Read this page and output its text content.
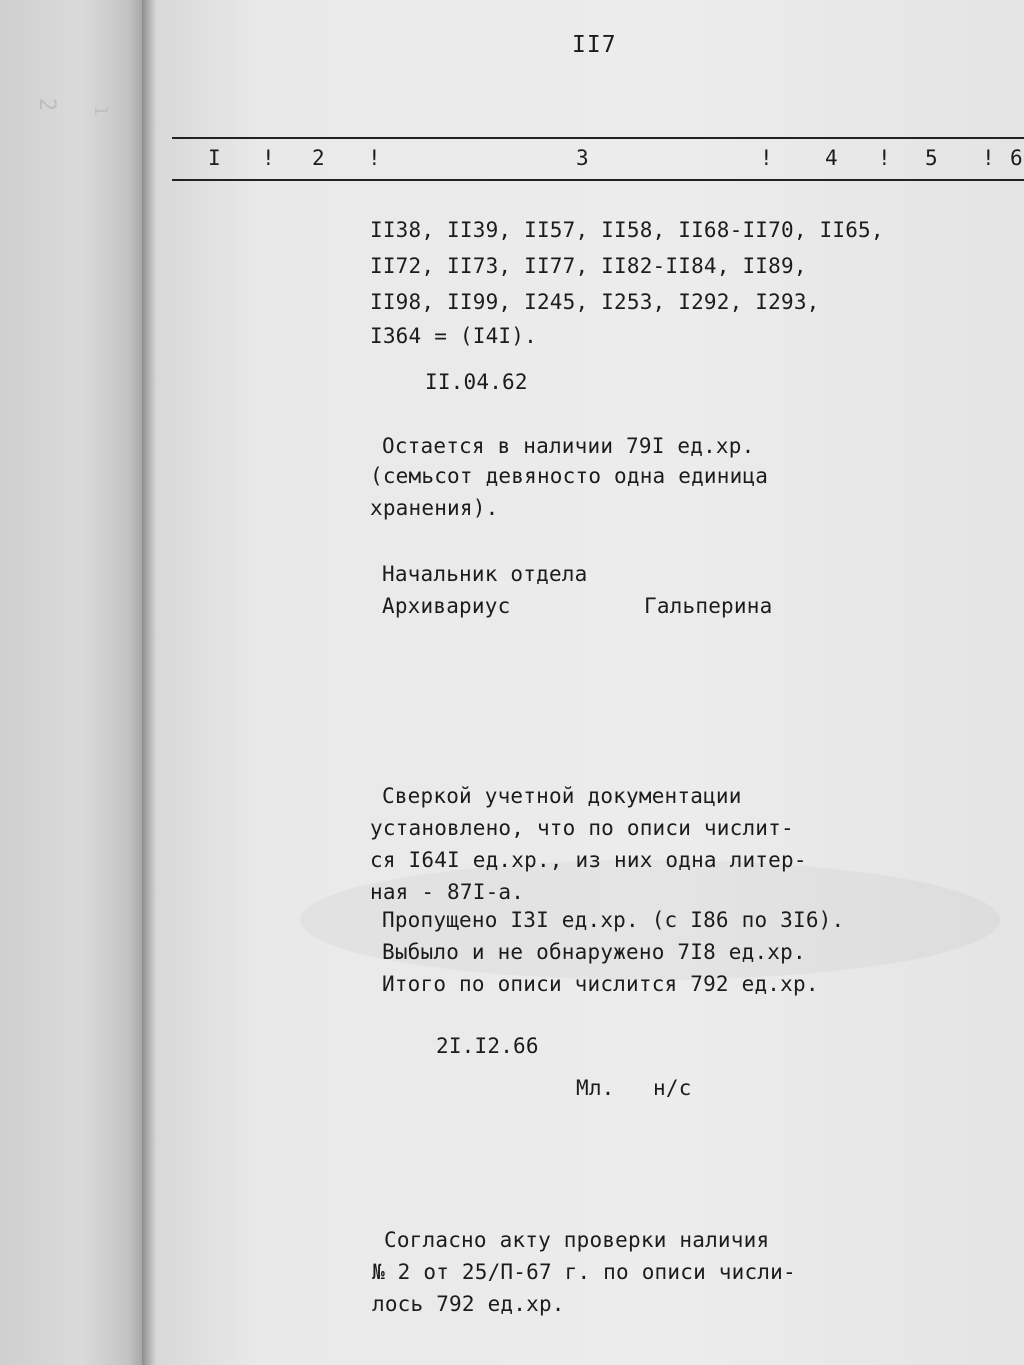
2 1
II7
I ! 2 !	3	! 4 ! 5 ! 6
II38, II39, II57, II58, II68-II70, II65,
II72, II73, II77, II82-II84, II89,
II98, II99, I245, I253, I292, I293,
I364 = (I4I).
II.04.62
Остается в наличии 79I ед.хр.
(семьсот девяносто одна единица
хранения).
Начальник отдела
Архивариус	Гальперина
Сверкой учетной документации
установлено, что по описи числит-
ся I64I ед.хр., из них одна литер-
ная - 87I-а.
Пропущено I3I ед.хр. (с I86 по 3I6).
Выбыло и не обнаружено 7I8 ед.хр.
Итого по описи числится 792 ед.хр.
2I.I2.66
Мл.   н/с
Согласно акту проверки наличия
№ 2 от 25/П-67 г. по описи числи-
лось 792 ед.хр.
